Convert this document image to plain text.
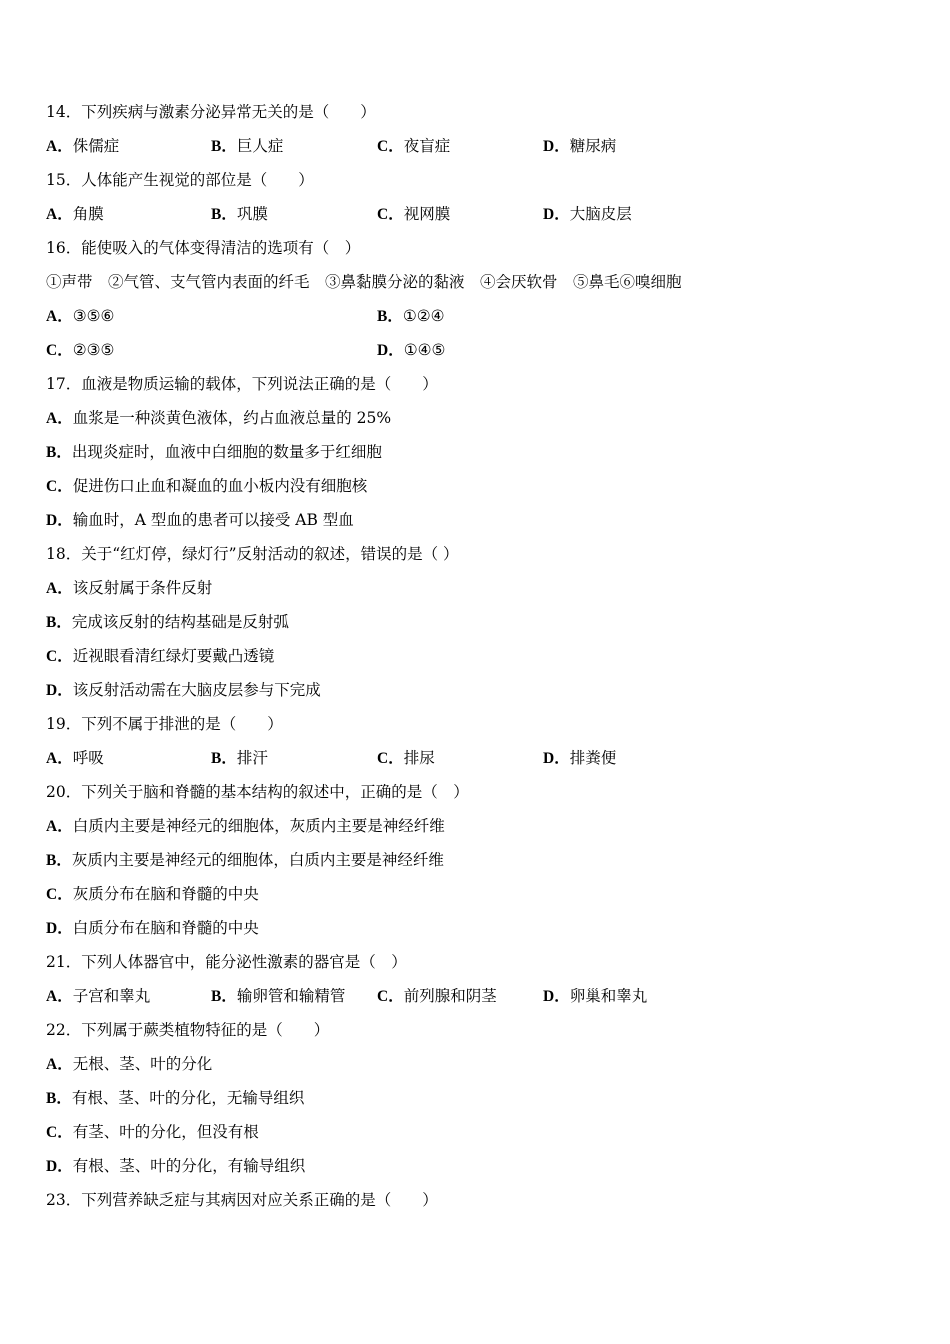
14．下列疾病与激素分泌异常无关的是（　　）
A．侏儒症	B．巨人症	C．夜盲症	D．糖尿病
15．人体能产生视觉的部位是（　　）
A．角膜	B．巩膜	C．视网膜	D．大脑皮层
16．能使吸入的气体变得清洁的选项有（　）
①声带　②气管、支气管内表面的纤毛　③鼻黏膜分泌的黏液　④会厌软骨　⑤鼻毛⑥嗅细胞
A．③⑤⑥	B．①②④
C．②③⑤	D．①④⑤
17．血液是物质运输的载体，下列说法正确的是（　　）
A．血浆是一种淡黄色液体，约占血液总量的 25%
B．出现炎症时，血液中白细胞的数量多于红细胞
C．促进伤口止血和凝血的血小板内没有细胞核
D．输血时，A 型血的患者可以接受 AB 型血
18．关于“红灯停，绿灯行”反射活动的叙述，错误的是（ ）
A．该反射属于条件反射
B．完成该反射的结构基础是反射弧
C．近视眼看清红绿灯要戴凸透镜
D．该反射活动需在大脑皮层参与下完成
19．下列不属于排泄的是（　　）
A．呼吸	B．排汗	C．排尿	D．排粪便
20．下列关于脑和脊髓的基本结构的叙述中，正确的是（　）
A．白质内主要是神经元的细胞体，灰质内主要是神经纤维
B．灰质内主要是神经元的细胞体，白质内主要是神经纤维
C．灰质分布在脑和脊髓的中央
D．白质分布在脑和脊髓的中央
21．下列人体器官中，能分泌性激素的器官是（　）
A．子宫和睾丸	B．输卵管和输精管 C．前列腺和阴茎	D．卵巢和睾丸
22．下列属于蕨类植物特征的是（　　）
A．无根、茎、叶的分化
B．有根、茎、叶的分化，无输导组织
C．有茎、叶的分化，但没有根
D．有根、茎、叶的分化，有输导组织
23．下列营养缺乏症与其病因对应关系正确的是（　　）
